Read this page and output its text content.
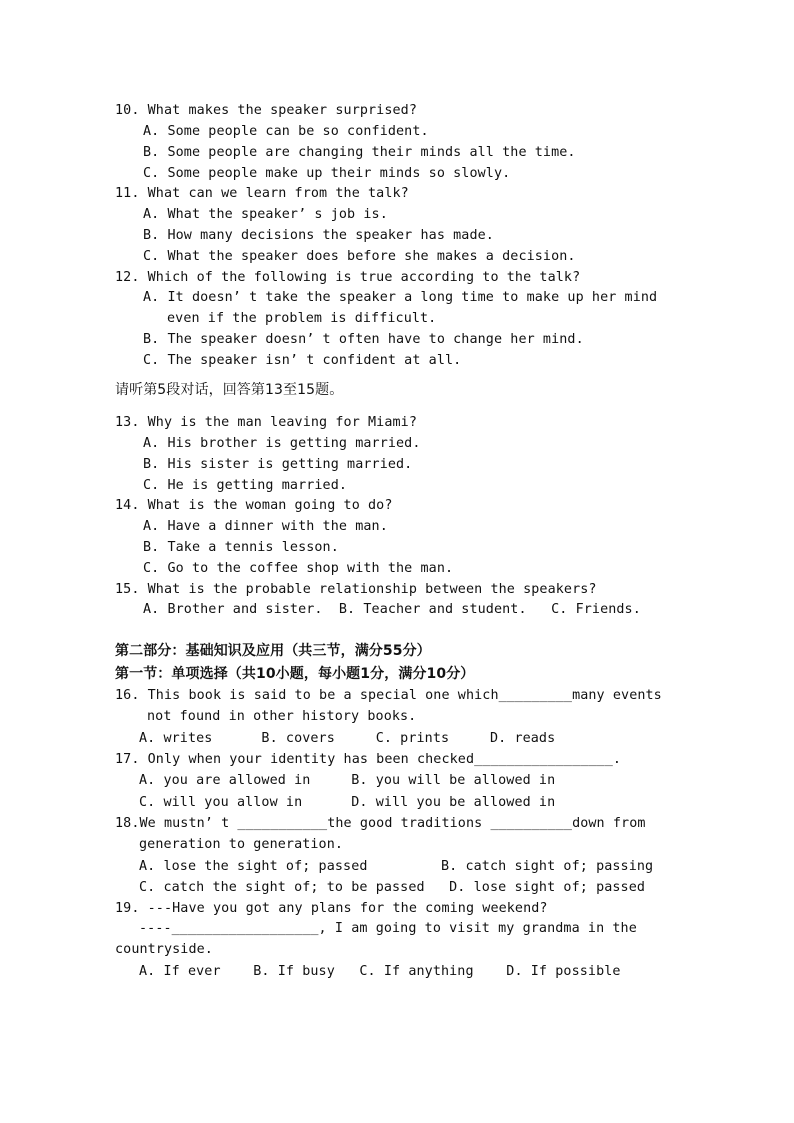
10. What makes the speaker surprised?
A. Some people can be so confident.
B. Some people are changing their minds all the time.
C. Some people make up their minds so slowly.
11. What can we learn from the talk?
A. What the speaker’ s job is.
B. How many decisions the speaker has made.
C. What the speaker does before she makes a decision.
12. Which of the following is true according to the talk?
A. It doesn’ t take the speaker a long time to make up her mind
even if the problem is difficult.
B. The speaker doesn’ t often have to change her mind.
C. The speaker isn’ t confident at all.
请听第5段对话，回答第13至15题。
13. Why is the man leaving for Miami?
A. His brother is getting married.
B. His sister is getting married.
C. He is getting married.
14. What is the woman going to do?
A. Have a dinner with the man.
B. Take a tennis lesson.
C. Go to the coffee shop with the man.
15. What is the probable relationship between the speakers?
A. Brother and sister.  B. Teacher and student.   C. Friends.
第二部分：基础知识及应用（共三节，满分55分）
第一节：单项选择（共10小题，每小题1分，满分10分）
16. This book is said to be a special one which_________many events
not found in other history books.
A. writes      B. covers     C. prints     D. reads
17. Only when your identity has been checked_________________.
A. you are allowed in     B. you will be allowed in
C. will you allow in      D. will you be allowed in
18.We mustn’ t ___________the good traditions __________down from
generation to generation.
A. lose the sight of; passed         B. catch sight of; passing
C. catch the sight of; to be passed   D. lose sight of; passed
19. ---Have you got any plans for the coming weekend?
----__________________, I am going to visit my grandma in the
countryside.
A. If ever    B. If busy   C. If anything    D. If possible
